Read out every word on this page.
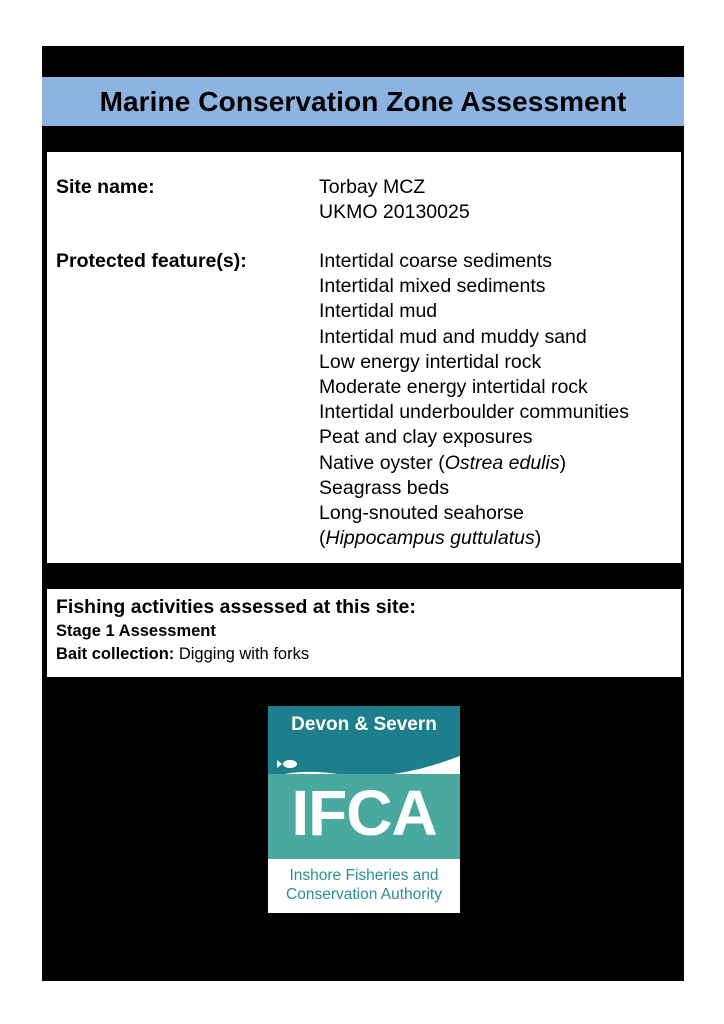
Marine Conservation Zone Assessment
Site name:	Torbay MCZ
UKMO 20130025
Protected feature(s):	Intertidal coarse sediments
Intertidal mixed sediments
Intertidal mud
Intertidal mud and muddy sand
Low energy intertidal rock
Moderate energy intertidal rock
Intertidal underboulder communities
Peat and clay exposures
Native oyster (Ostrea edulis)
Seagrass beds
Long-snouted seahorse
(Hippocampus guttulatus)
Fishing activities assessed at this site:
Stage 1 Assessment
Bait collection: Digging with forks
Devon & Severn
IFCA
Inshore Fisheries and
Conservation Authority
